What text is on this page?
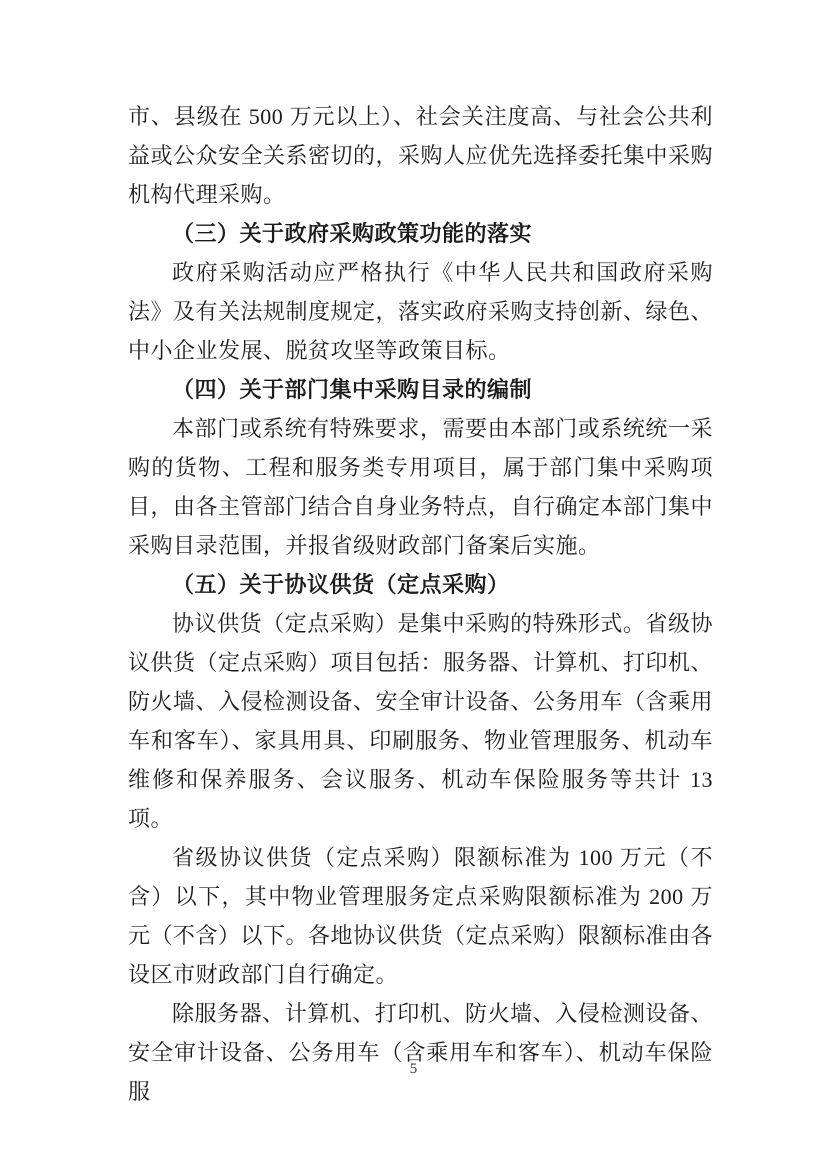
市、县级在 500 万元以上）、社会关注度高、与社会公共利益或公众安全关系密切的，采购人应优先选择委托集中采购机构代理采购。

（三）关于政府采购政策功能的落实

政府采购活动应严格执行《中华人民共和国政府采购法》及有关法规制度规定，落实政府采购支持创新、绿色、中小企业发展、脱贫攻坚等政策目标。

（四）关于部门集中采购目录的编制

本部门或系统有特殊要求，需要由本部门或系统统一采购的货物、工程和服务类专用项目，属于部门集中采购项目，由各主管部门结合自身业务特点，自行确定本部门集中采购目录范围，并报省级财政部门备案后实施。

（五）关于协议供货（定点采购）

协议供货（定点采购）是集中采购的特殊形式。省级协议供货（定点采购）项目包括：服务器、计算机、打印机、防火墙、入侵检测设备、安全审计设备、公务用车（含乘用车和客车）、家具用具、印刷服务、物业管理服务、机动车维修和保养服务、会议服务、机动车保险服务等共计 13 项。

省级协议供货（定点采购）限额标准为 100 万元（不含）以下，其中物业管理服务定点采购限额标准为 200 万元（不含）以下。各地协议供货（定点采购）限额标准由各设区市财政部门自行确定。

除服务器、计算机、打印机、防火墙、入侵检测设备、安全审计设备、公务用车（含乘用车和客车）、机动车保险服

5
